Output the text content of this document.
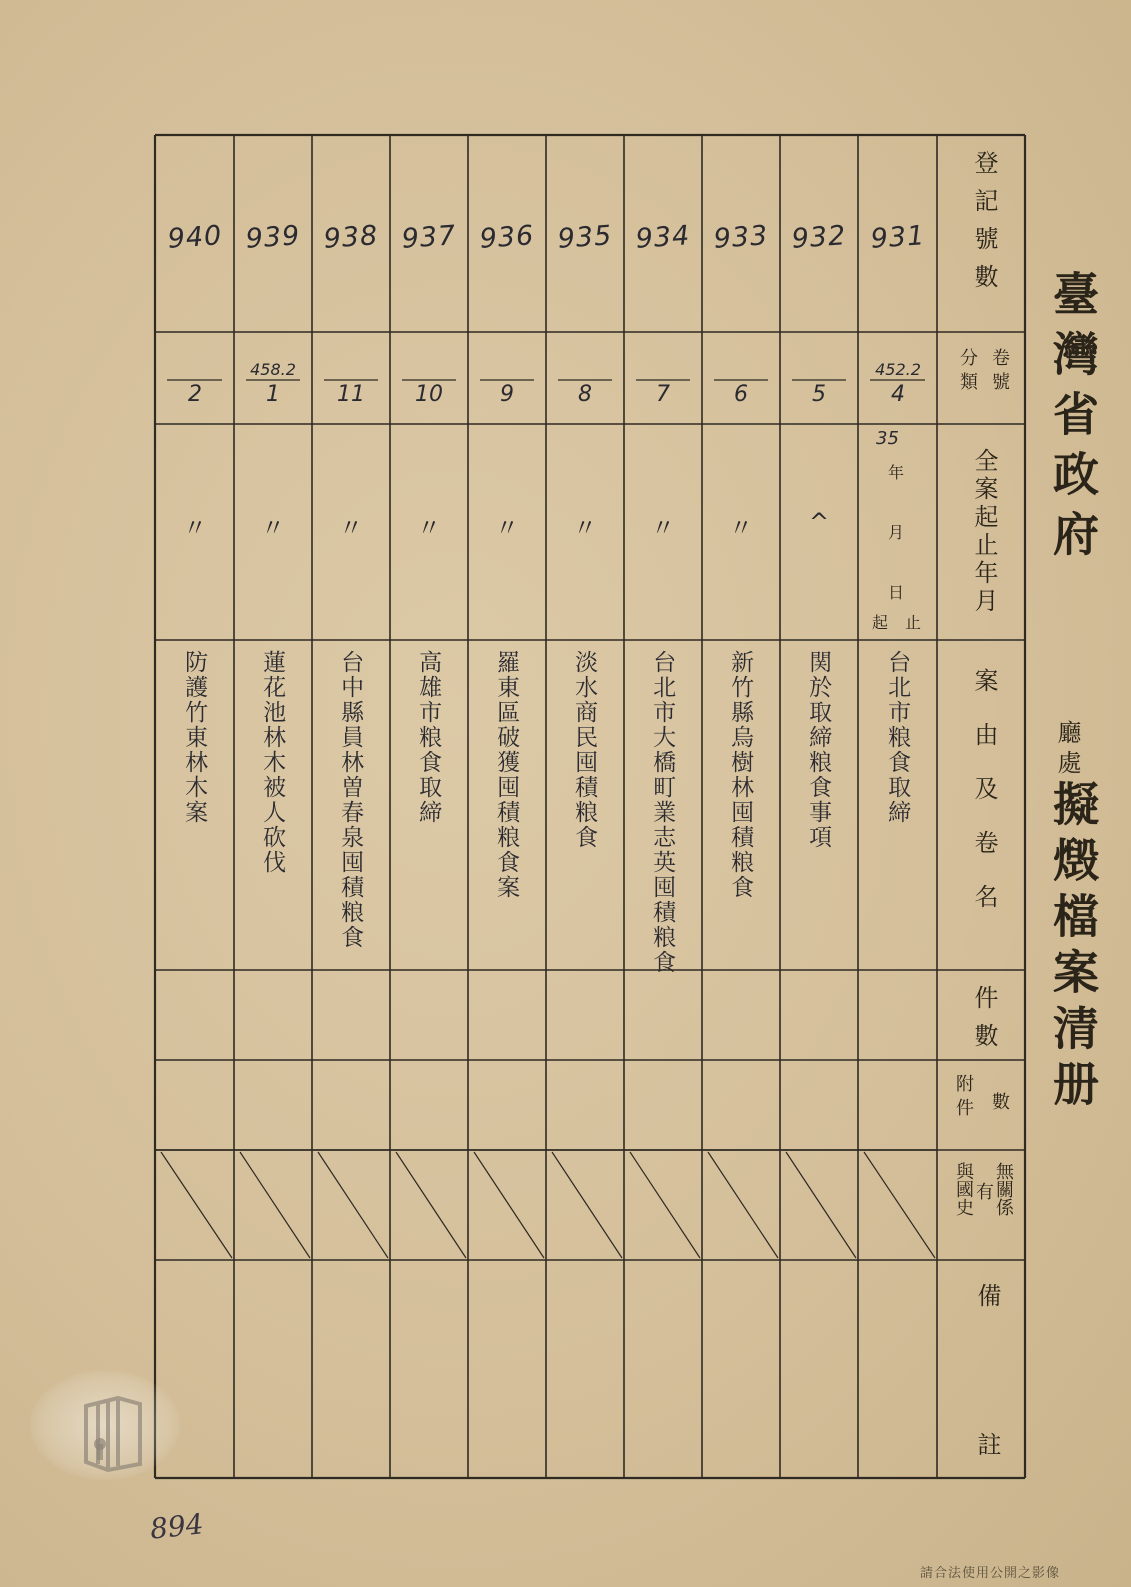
臺灣省政府
廳處
擬燬檔案清册
登記號數
卷號
分類
全案起止年月
案由及卷名
件數
數
附件
無關係
有
與國史
備
註
35
年
月
日
起 止
931
452.2
4
台北市粮食取締
932
5
^
関於取締粮食事項
933
6
〃
新竹縣烏樹林囤積粮食
934
7
〃
台北市大橋町業志英囤積粮食
935
8
〃
淡水商民囤積粮食
936
9
〃
羅東區破獲囤積粮食案
937
10
〃
高雄市粮食取締
938
11
〃
台中縣員林曽春泉囤積粮食
939
458.2
1
〃
蓮花池林木被人砍伐
940
2
〃
防護竹東林木案
894
請合法使用公開之影像
